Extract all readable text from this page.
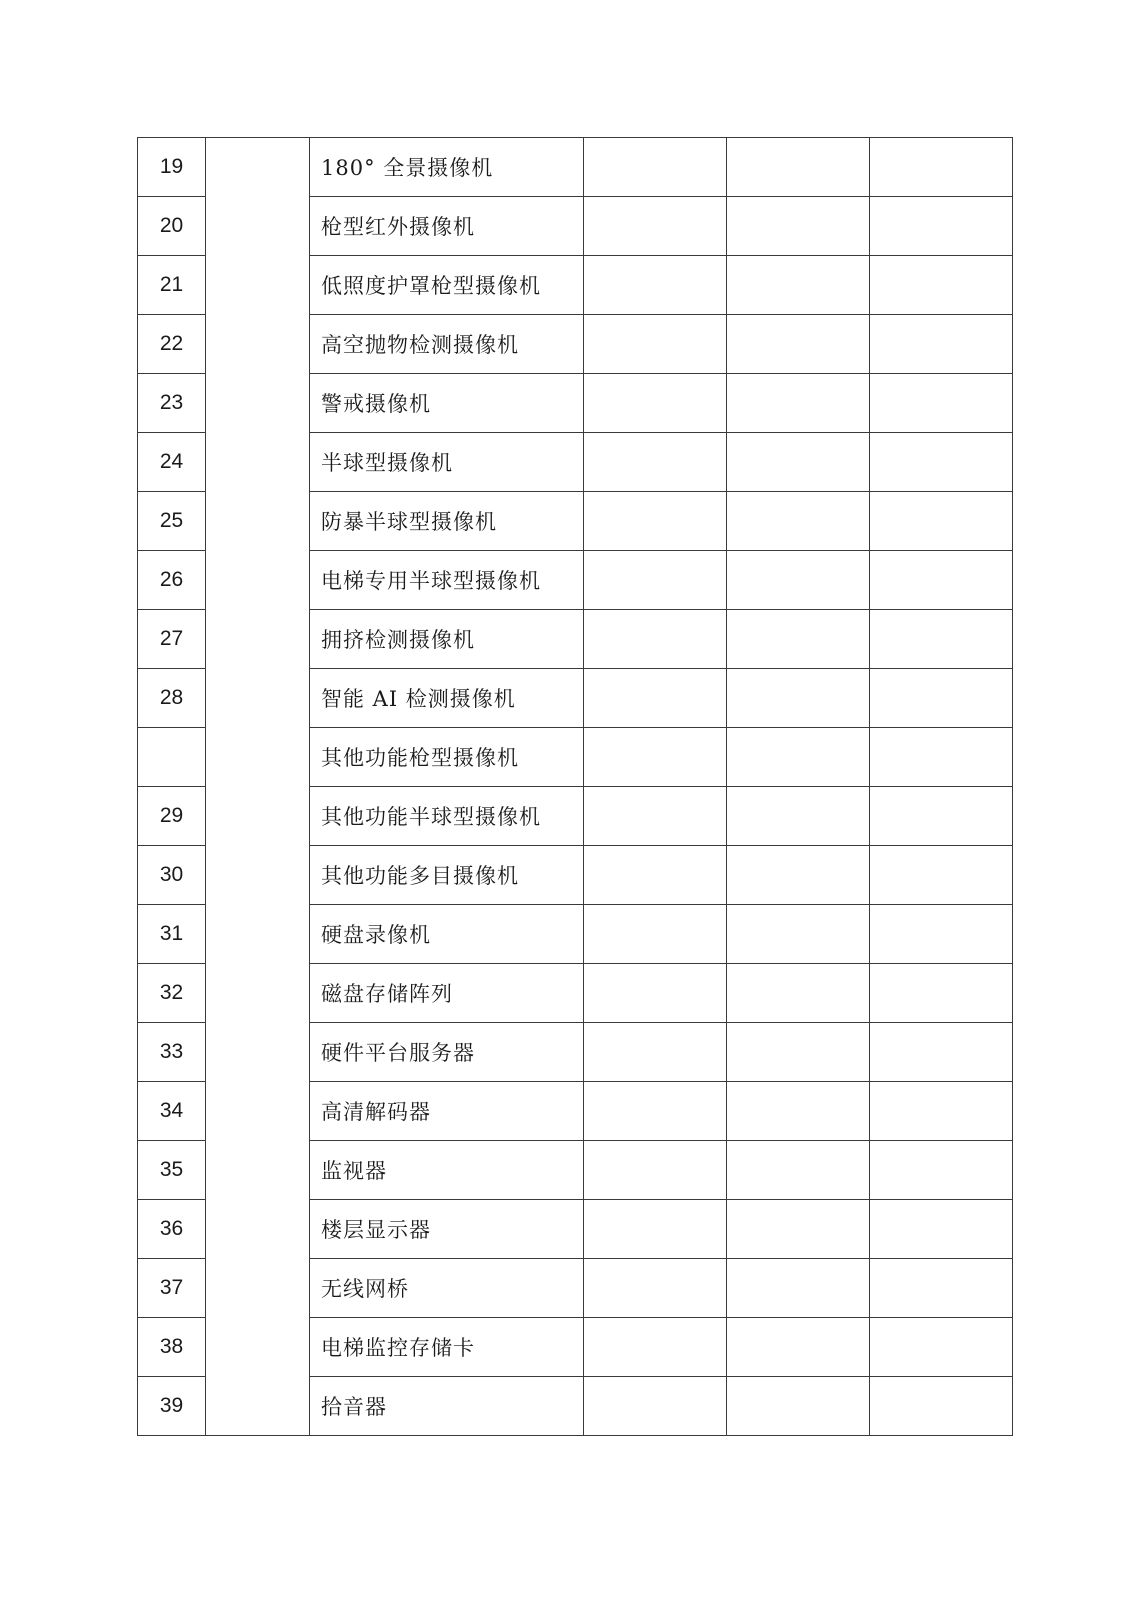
19		180° 全景摄像机			
20		枪型红外摄像机			
21		低照度护罩枪型摄像机			
22		高空抛物检测摄像机			
23		警戒摄像机			
24		半球型摄像机			
25		防暴半球型摄像机			
26		电梯专用半球型摄像机			
27		拥挤检测摄像机			
28		智能 AI 检测摄像机			
		其他功能枪型摄像机			
29		其他功能半球型摄像机			
30		其他功能多目摄像机			
31		硬盘录像机			
32		磁盘存储阵列			
33		硬件平台服务器			
34		高清解码器			
35		监视器			
36		楼层显示器			
37		无线网桥			
38		电梯监控存储卡			
39		拾音器			
